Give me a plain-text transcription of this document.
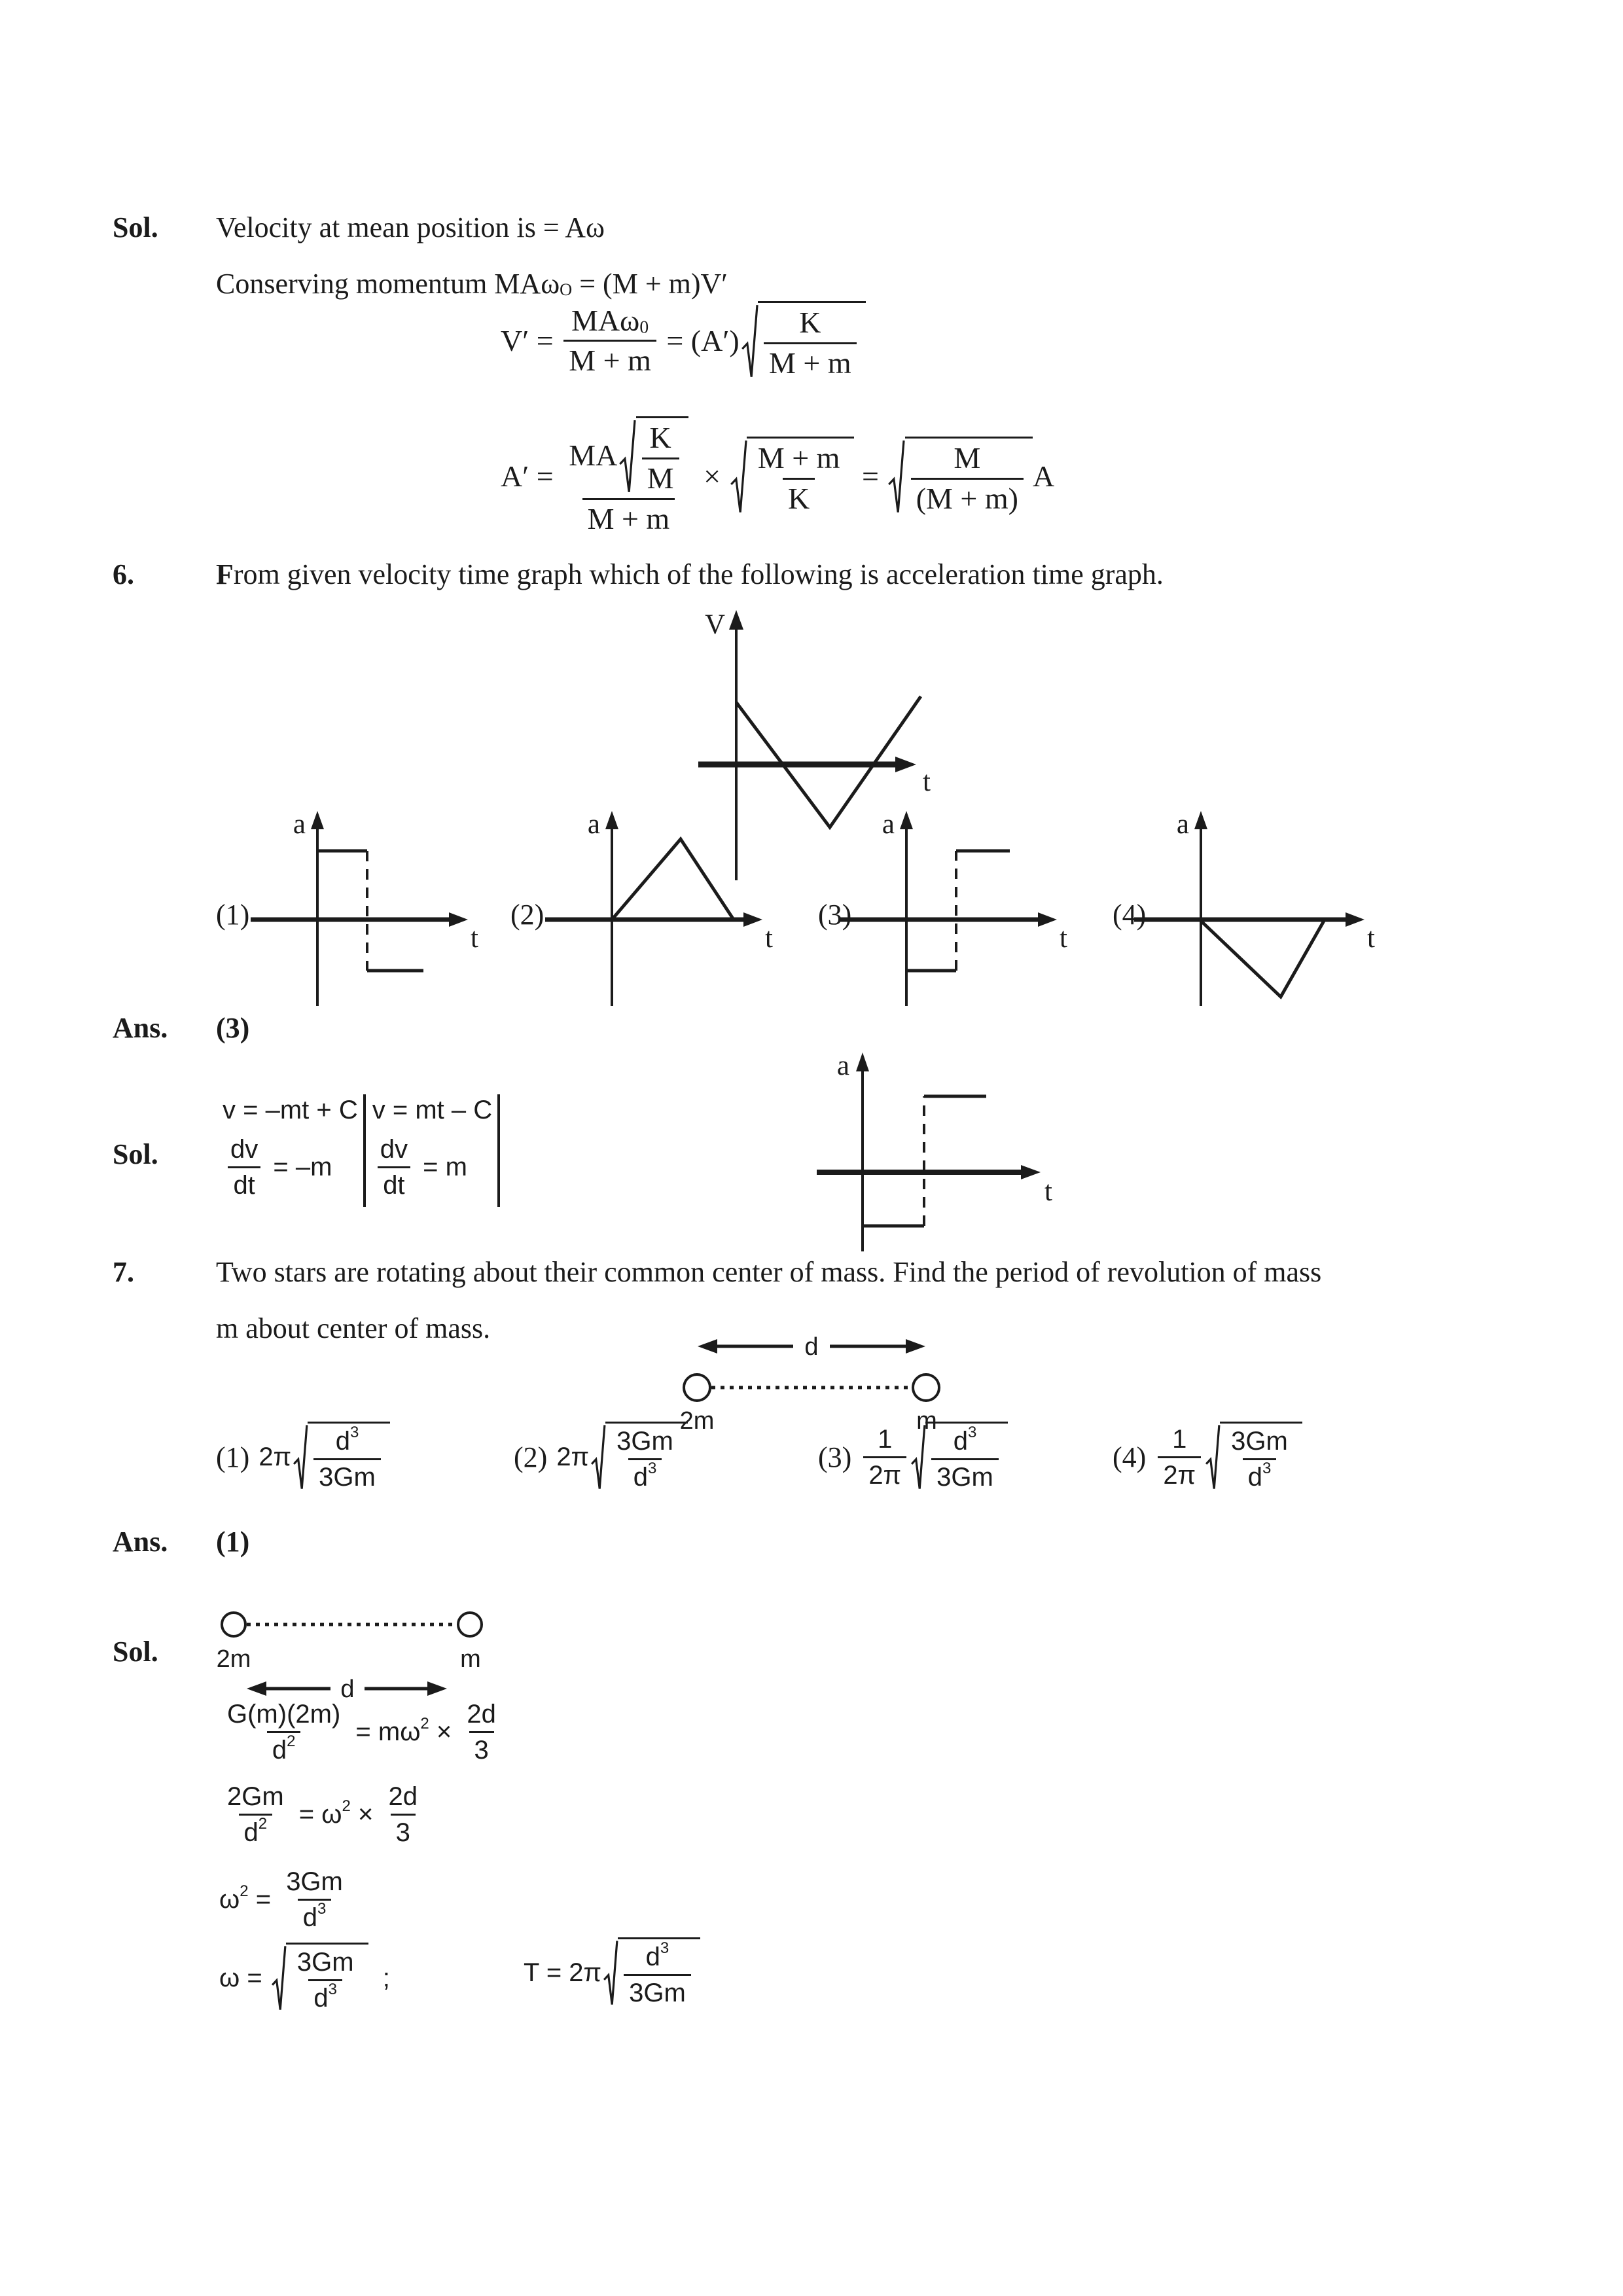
Sol. Velocity at mean position is = Aω
Conserving momentum MAω O = (M + m)V′
$V' = \frac{\text{MAω 0}}{M + m} = (A') \frac{K}{M + m}$
$A' = \frac{MA \frac{K}{M}}{M + m} \times \frac{M + m}{K} = \frac{M}{(M + m)}$ A
6.	From given velocity time graph which of the following is acceleration time graph.
V
t
(1)
a
t
(2)
a
t
(3)
a
t
(4)
a
t
Ans. (3)
Sol.
v = –mt + C
$\frac{dv}{dt} = -m$
v = mt – C
$\frac{dv}{dt} = m$
a
t
7.	Two stars are rotating about their common center of mass. Find the period of revolution of mass
m about center of mass.
d
2m	m
(1) $2\pi \frac{d 3}{3Gm}$	(2) $2\pi \frac{3Gm}{d 3}$	$(3) \frac{1}{2\pi} \frac{d 3}{3Gm}$	$(4) \frac{1}{2\pi} \frac{3Gm}{d 3}$
Ans. (1)
Sol. 2m	m
d
$\frac{G(m)(2m)}{d 2} = m\omega$ $2 \times \frac{2d}{3}$
$\frac{2Gm}{d 2} = \omega$ $2 \times \frac{2d}{3}$
ω $2 = \frac{3Gm}{d 3}$
$\omega = \frac{3Gm}{d 3}$ ;	$T = 2\pi \frac{d 3}{3Gm}$
